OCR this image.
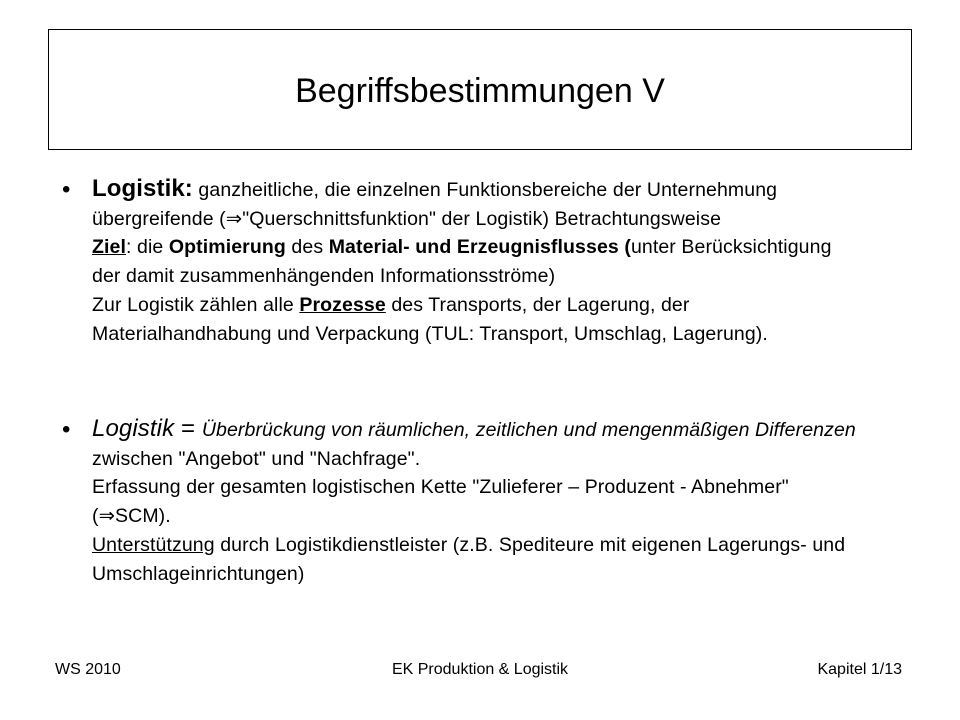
Begriffsbestimmungen V
• Logistik: ganzheitliche, die einzelnen Funktionsbereiche der Unternehmung übergreifende (⇒"Querschnittsfunktion" der Logistik) Betrachtungsweise
Ziel: die Optimierung des Material- und Erzeugnisflusses (unter Berücksichtigung der damit zusammenhängenden Informationsströme)
Zur Logistik zählen alle Prozesse des Transports, der Lagerung, der Materialhandhabung und Verpackung (TUL: Transport, Umschlag, Lagerung).
• Logistik = Überbrückung von räumlichen, zeitlichen und mengenmäßigen Differenzen zwischen "Angebot" und "Nachfrage".
Erfassung der gesamten logistischen Kette "Zulieferer – Produzent - Abnehmer" (⇒SCM).
Unterstützung durch Logistikdienstleister (z.B. Spediteure mit eigenen Lagerungs- und Umschlageinrichtungen)
WS 2010	EK Produktion & Logistik	Kapitel 1/13
